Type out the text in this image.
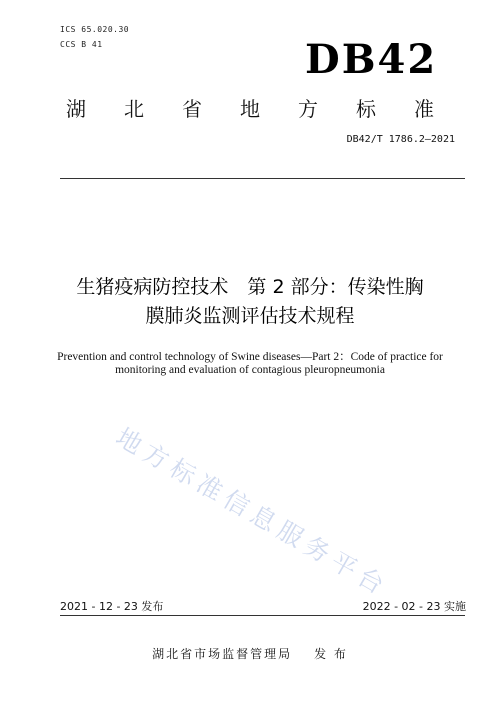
ICS 65.020.30
CCS B 41	DB42
湖北省地方标准
DB42/T 1786.2—2021
生猪疫病防控技术　第 2 部分：传染性胸
膜肺炎监测评估技术规程
Prevention and control technology of Swine diseases—Part 2：Code of practice for
monitoring and evaluation of contagious pleuropneumonia
地方标准信息服务平台
2021 - 12 - 23 发布	2022 - 02 - 23 实施
湖北省市场监督管理局 发 布
